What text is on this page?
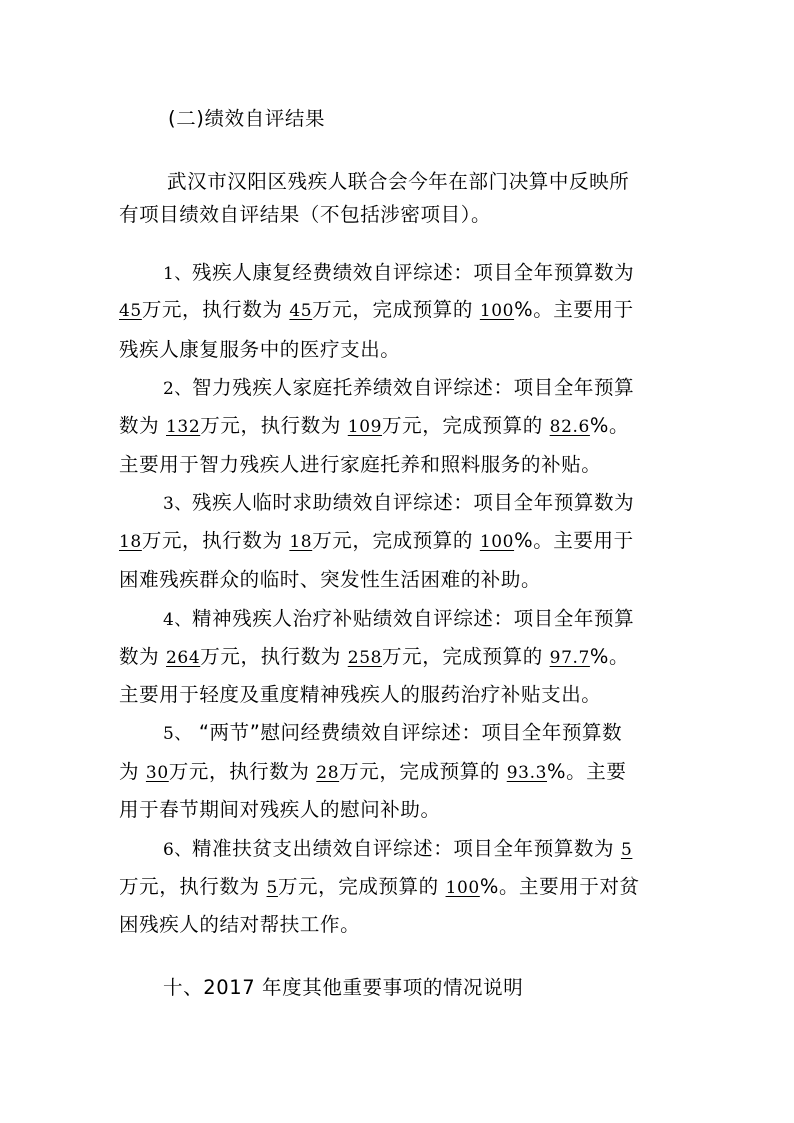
(二)绩效自评结果
武汉市汉阳区残疾人联合会今年在部门决算中反映所
有项目绩效自评结果（不包括涉密项目）。
1、残疾人康复经费绩效自评综述：项目全年预算数为
45万元，执行数为 45万元，完成预算的 100%。主要用于
残疾人康复服务中的医疗支出。
2、智力残疾人家庭托养绩效自评综述：项目全年预算
数为 132万元，执行数为 109万元，完成预算的 82.6%。
主要用于智力残疾人进行家庭托养和照料服务的补贴。
3、残疾人临时求助绩效自评综述：项目全年预算数为
18万元，执行数为 18万元，完成预算的 100%。主要用于
困难残疾群众的临时、突发性生活困难的补助。
4、精神残疾人治疗补贴绩效自评综述：项目全年预算
数为 264万元，执行数为 258万元，完成预算的 97.7%。
主要用于轻度及重度精神残疾人的服药治疗补贴支出。
5、 “两节”慰问经费绩效自评综述：项目全年预算数
为 30万元，执行数为 28万元，完成预算的 93.3%。主要
用于春节期间对残疾人的慰问补助。
6、精准扶贫支出绩效自评综述：项目全年预算数为 5
万元，执行数为 5万元，完成预算的 100%。主要用于对贫
困残疾人的结对帮扶工作。
十、2017 年度其他重要事项的情况说明
